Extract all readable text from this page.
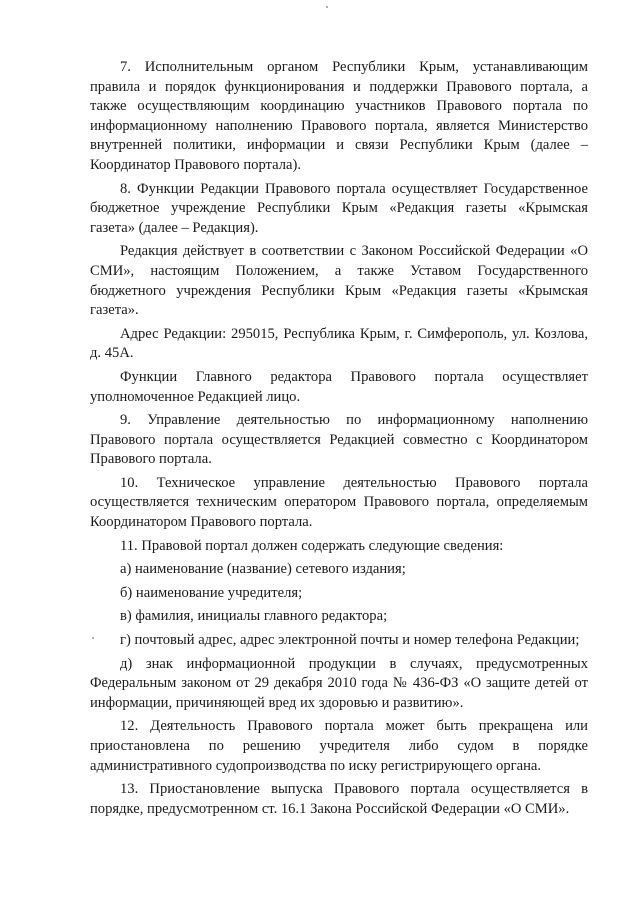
7. Исполнительным органом Республики Крым, устанавливающим правила и порядок функционирования и поддержки Правового портала, а также осуществляющим координацию участников Правового портала по информационному наполнению Правового портала, является Министерство внутренней политики, информации и связи Республики Крым (далее – Координатор Правового портала).

8. Функции Редакции Правового портала осуществляет Государственное бюджетное учреждение Республики Крым «Редакция газеты «Крымская газета» (далее – Редакция).

Редакция действует в соответствии с Законом Российской Федерации «О СМИ», настоящим Положением, а также Уставом Государственного бюджетного учреждения Республики Крым «Редакция газеты «Крымская газета».

Адрес Редакции: 295015, Республика Крым, г. Симферополь, ул. Козлова, д. 45А.

Функции Главного редактора Правового портала осуществляет уполномоченное Редакцией лицо.

9. Управление деятельностью по информационному наполнению Правового портала осуществляется Редакцией совместно с Координатором Правового портала.

10. Техническое управление деятельностью Правового портала осуществляется техническим оператором Правового портала, определяемым Координатором Правового портала.

11. Правовой портал должен содержать следующие сведения:

а) наименование (название) сетевого издания;

б) наименование учредителя;

в) фамилия, инициалы главного редактора;

г) почтовый адрес, адрес электронной почты и номер телефона Редакции;

д) знак информационной продукции в случаях, предусмотренных Федеральным законом от 29 декабря 2010 года № 436-ФЗ «О защите детей от информации, причиняющей вред их здоровью и развитию».

12. Деятельность Правового портала может быть прекращена или приостановлена по решению учредителя либо судом в порядке административного судопроизводства по иску регистрирующего органа.

13. Приостановление выпуска Правового портала осуществляется в порядке, предусмотренном ст. 16.1 Закона Российской Федерации «О СМИ».
